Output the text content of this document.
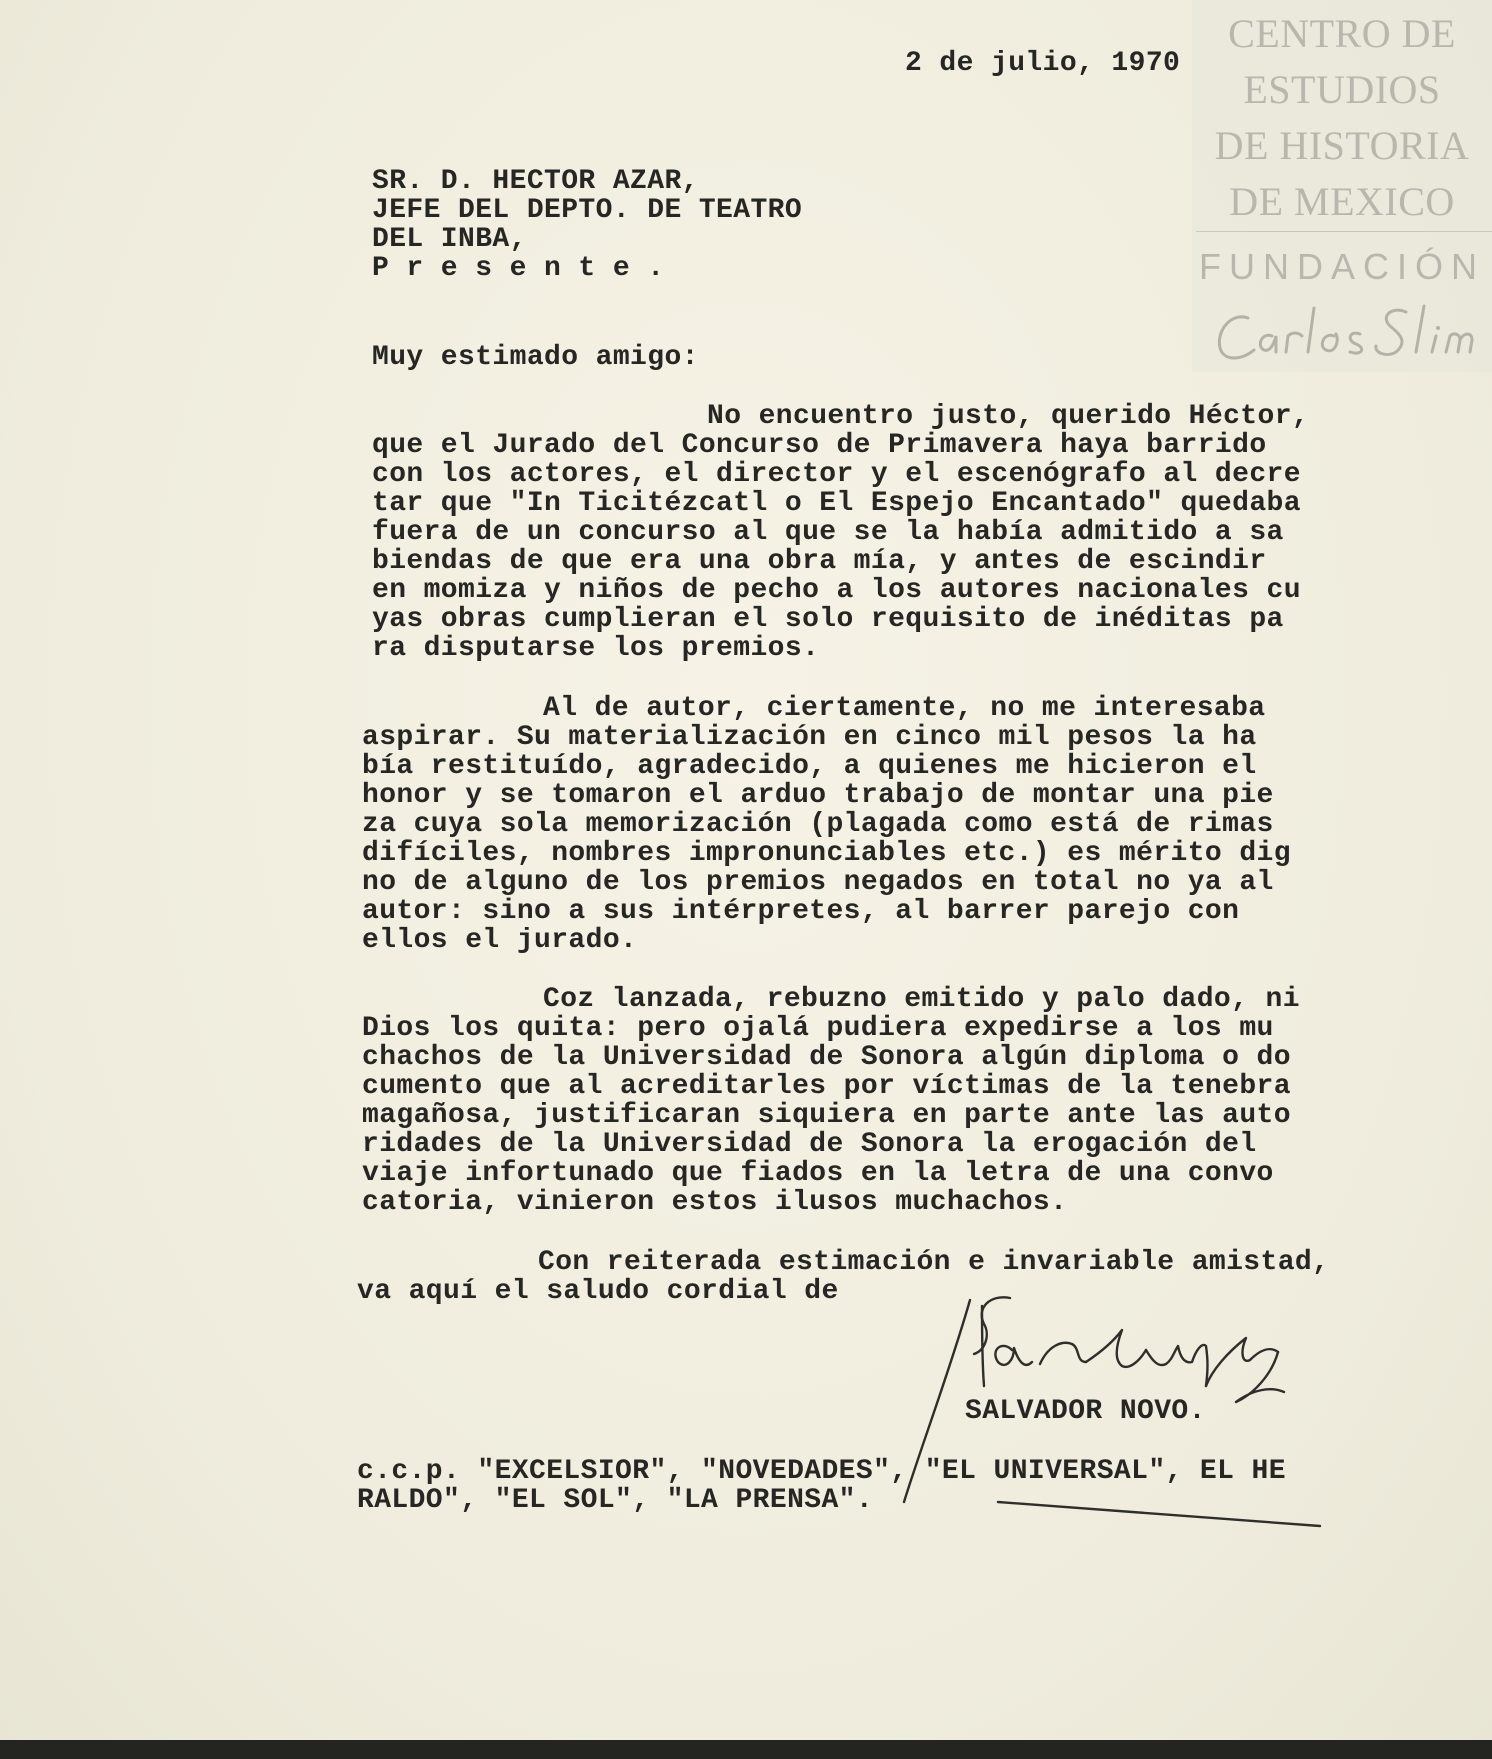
CENTRO DE
ESTUDIOS
DE HISTORIA
DE MEXICO
FUNDACIÓN

2 de julio, 1970

SR. D. HECTOR AZAR,

JEFE DEL DEPTO. DE TEATRO

DEL INBA,

P r e s e n t e .

Muy estimado amigo:

No encuentro justo, querido Héctor,

que el Jurado del Concurso de Primavera haya barrido

con los actores, el director y el escenógrafo al decre

tar que "In Ticitézcatl o El Espejo Encantado" quedaba

fuera de un concurso al que se la había admitido a sa

biendas de que era una obra mía, y antes de escindir

en momiza y niños de pecho a los autores nacionales cu

yas obras cumplieran el solo requisito de inéditas pa

ra disputarse los premios.

Al de autor, ciertamente, no me interesaba

aspirar. Su materialización en cinco mil pesos la ha

bía restituído, agradecido, a quienes me hicieron el

honor y se tomaron el arduo trabajo de montar una pie

za cuya sola memorización (plagada como está de rimas

difíciles, nombres impronunciables etc.) es mérito dig

no de alguno de los premios negados en total no ya al

autor: sino a sus intérpretes, al barrer parejo con

ellos el jurado.

Coz lanzada, rebuzno emitido y palo dado, ni

Dios los quita: pero ojalá pudiera expedirse a los mu

chachos de la Universidad de Sonora algún diploma o do

cumento que al acreditarles por víctimas de la tenebra

magañosa, justificaran siquiera en parte ante las auto

ridades de la Universidad de Sonora la erogación del

viaje infortunado que fiados en la letra de una convo

catoria, vinieron estos ilusos muchachos.

Con reiterada estimación e invariable amistad,

va aquí el saludo cordial de

SALVADOR NOVO.

c.c.p. "EXCELSIOR", "NOVEDADES", "EL UNIVERSAL", EL HE

RALDO", "EL SOL", "LA PRENSA".
